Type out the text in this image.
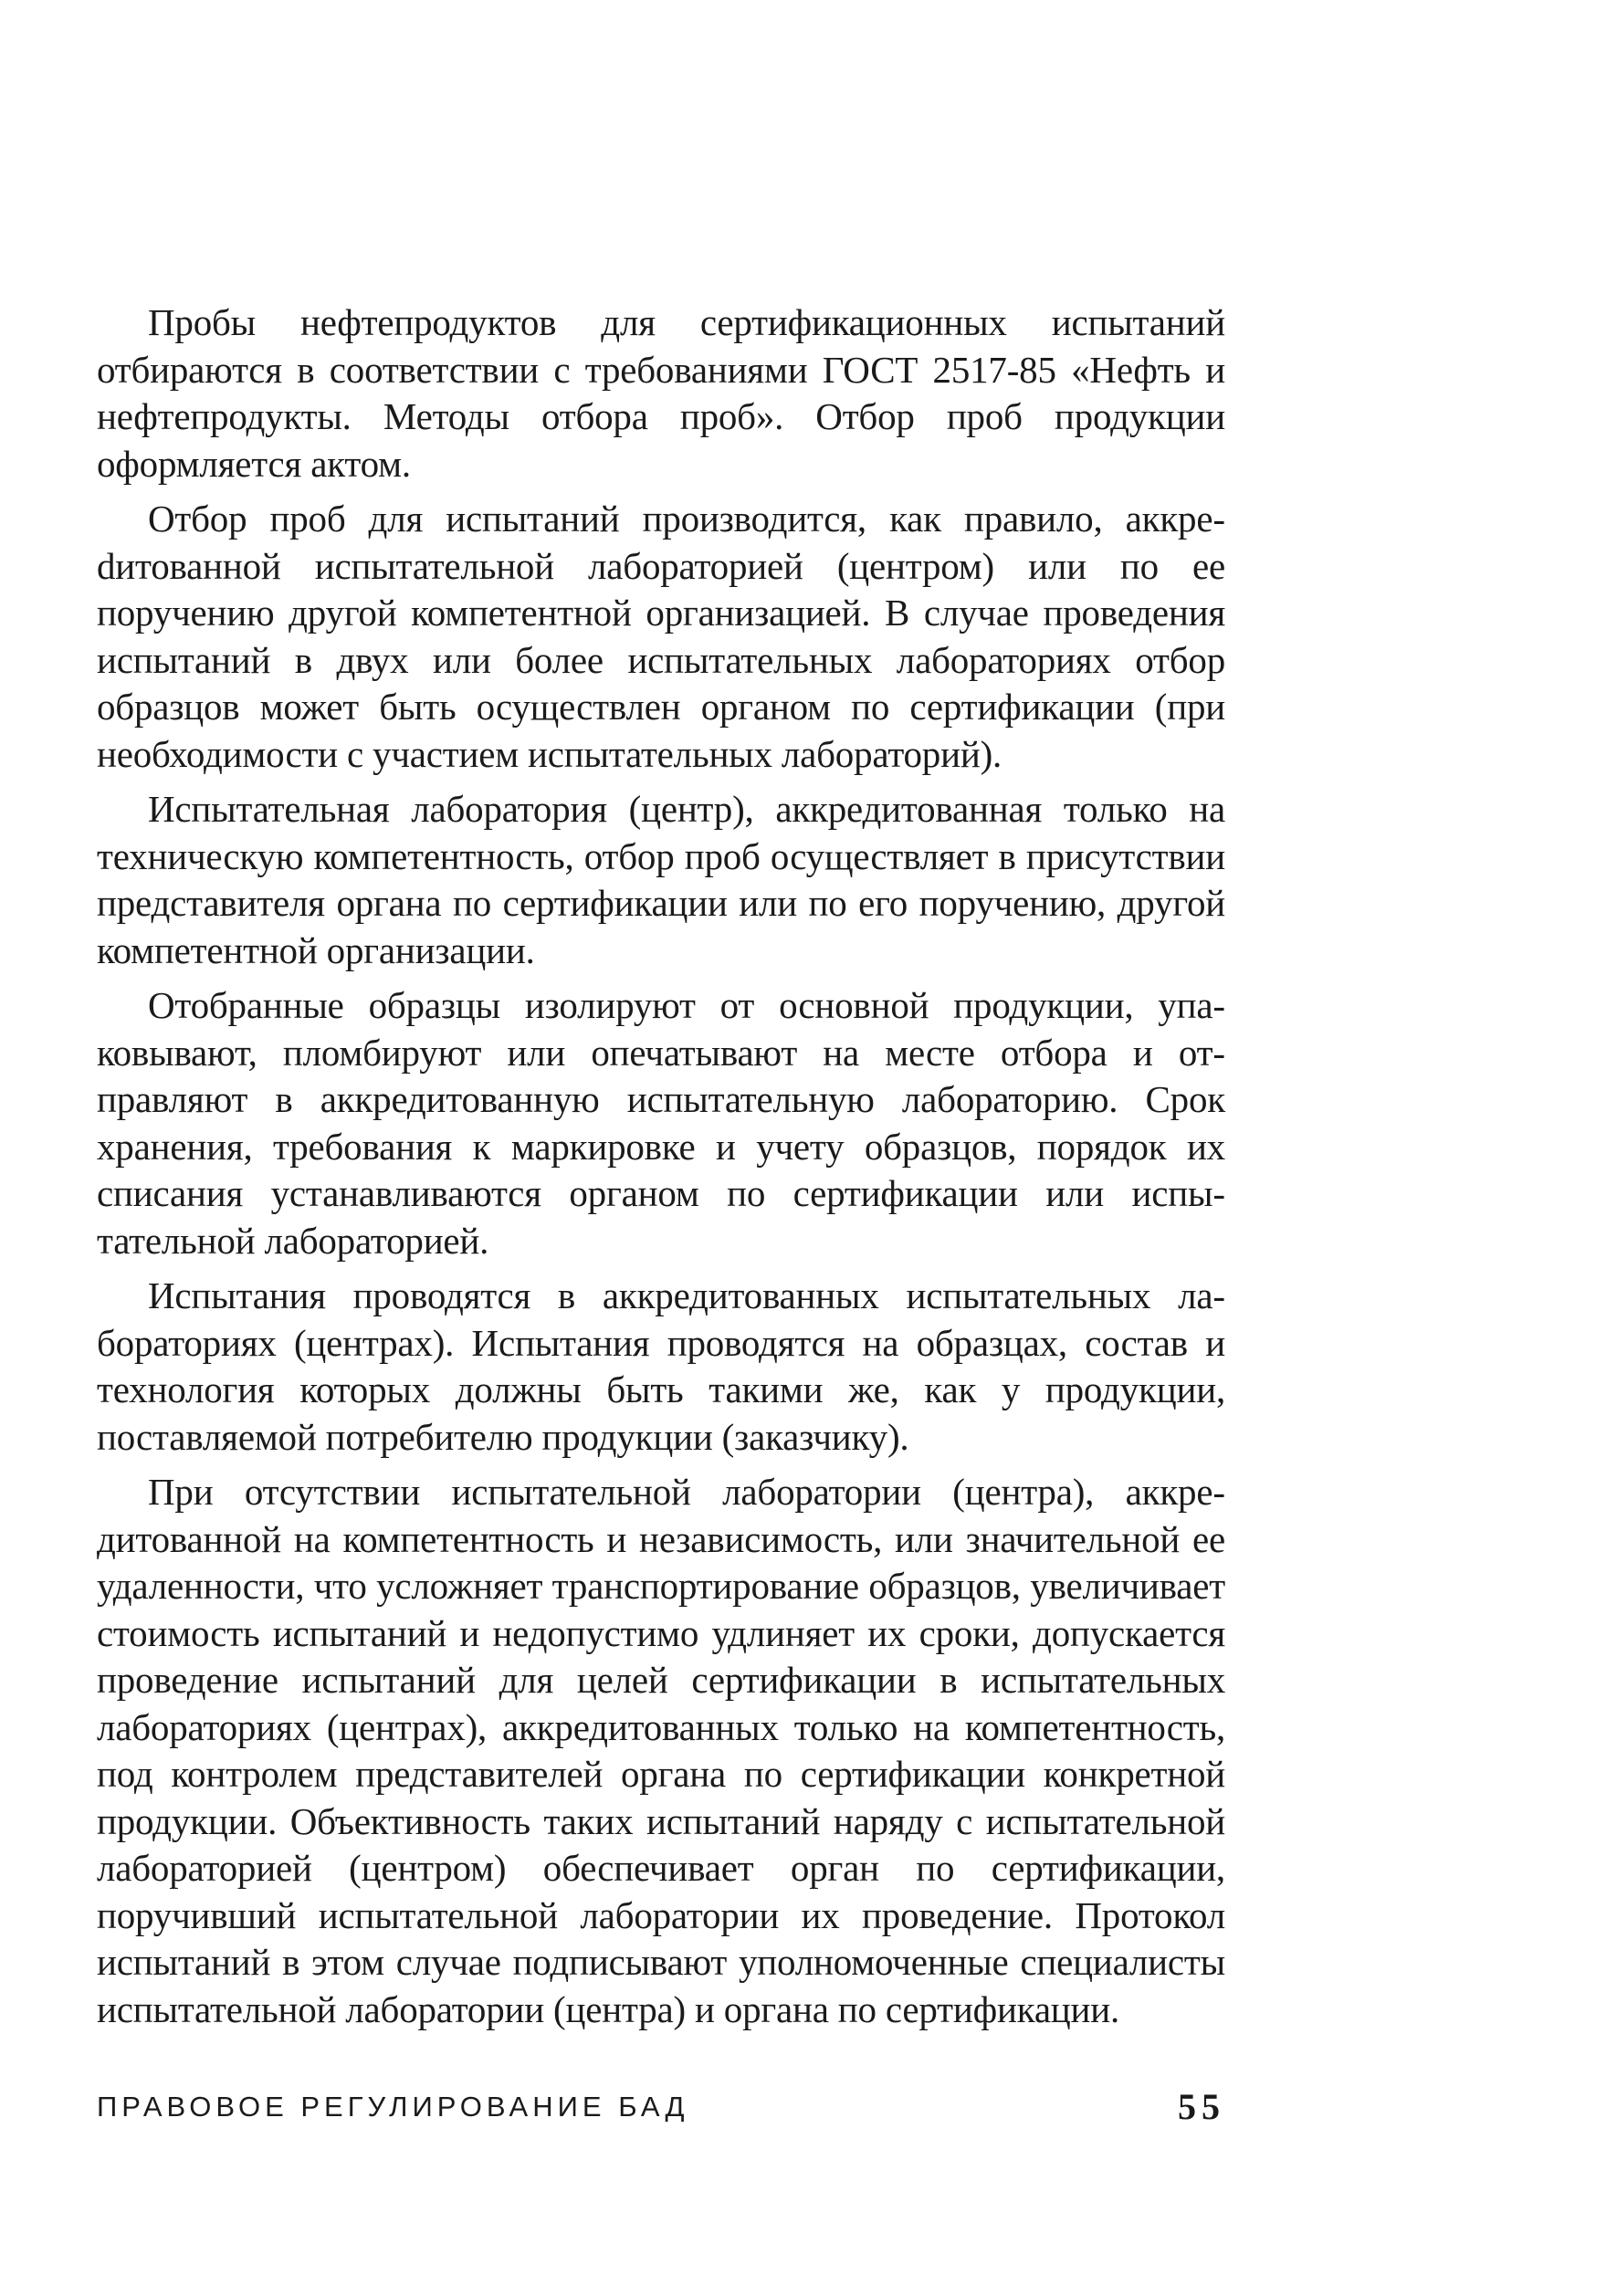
Пробы нефтепродуктов для сертификационных испытаний отбираются в соответствии с требованиями ГОСТ 2517-85 «Нефть и нефтепродукты. Методы отбора проб». Отбор проб продукции оформляется актом.

Отбор проб для испытаний производится, как правило, аккреdитованной испытательной лабораторией (центром) или по ее поручению другой компетентной организацией. В случае проведения испытаний в двух или более испытательных лабораториях отбор образцов может быть осуществлен органом по сертификации (при необходимости с участием испытательных лабораторий).

Испытательная лаборатория (центр), аккредитованная только на техническую компетентность, отбор проб осуществляет в присутствии представителя органа по сертификации или по его поручению, другой компетентной организации.

Отобранные образцы изолируют от основной продукции, упаковывают, пломбируют или опечатывают на месте отбора и отправляют в аккредитованную испытательную лабораторию. Срок хранения, требования к маркировке и учету образцов, порядок их списания устанавливаются органом по сертификации или испытательной лабораторией.

Испытания проводятся в аккредитованных испытательных лабораториях (центрах). Испытания проводятся на образцах, состав и технология которых должны быть такими же, как у продукции, поставляемой потребителю продукции (заказчику).

При отсутствии испытательной лаборатории (центра), аккредитованной на компетентность и независимость, или значительной ее удаленности, что усложняет транспортирование образцов, увеличивает стоимость испытаний и недопустимо удлиняет их сроки, допускается проведение испытаний для целей сертификации в испытательных лабораториях (центрах), аккредитованных только на компетентность, под контролем представителей органа по сертификации конкретной продукции. Объективность таких испытаний наряду с испытательной лабораторией (центром) обеспечивает орган по сертификации, поручивший испытательной лаборатории их проведение. Протокол испытаний в этом случае подписывают уполномоченные специалисты испытательной лаборатории (центра) и органа по сертификации.

ПРАВОВОЕ РЕГУЛИРОВАНИЕ БАД	55
